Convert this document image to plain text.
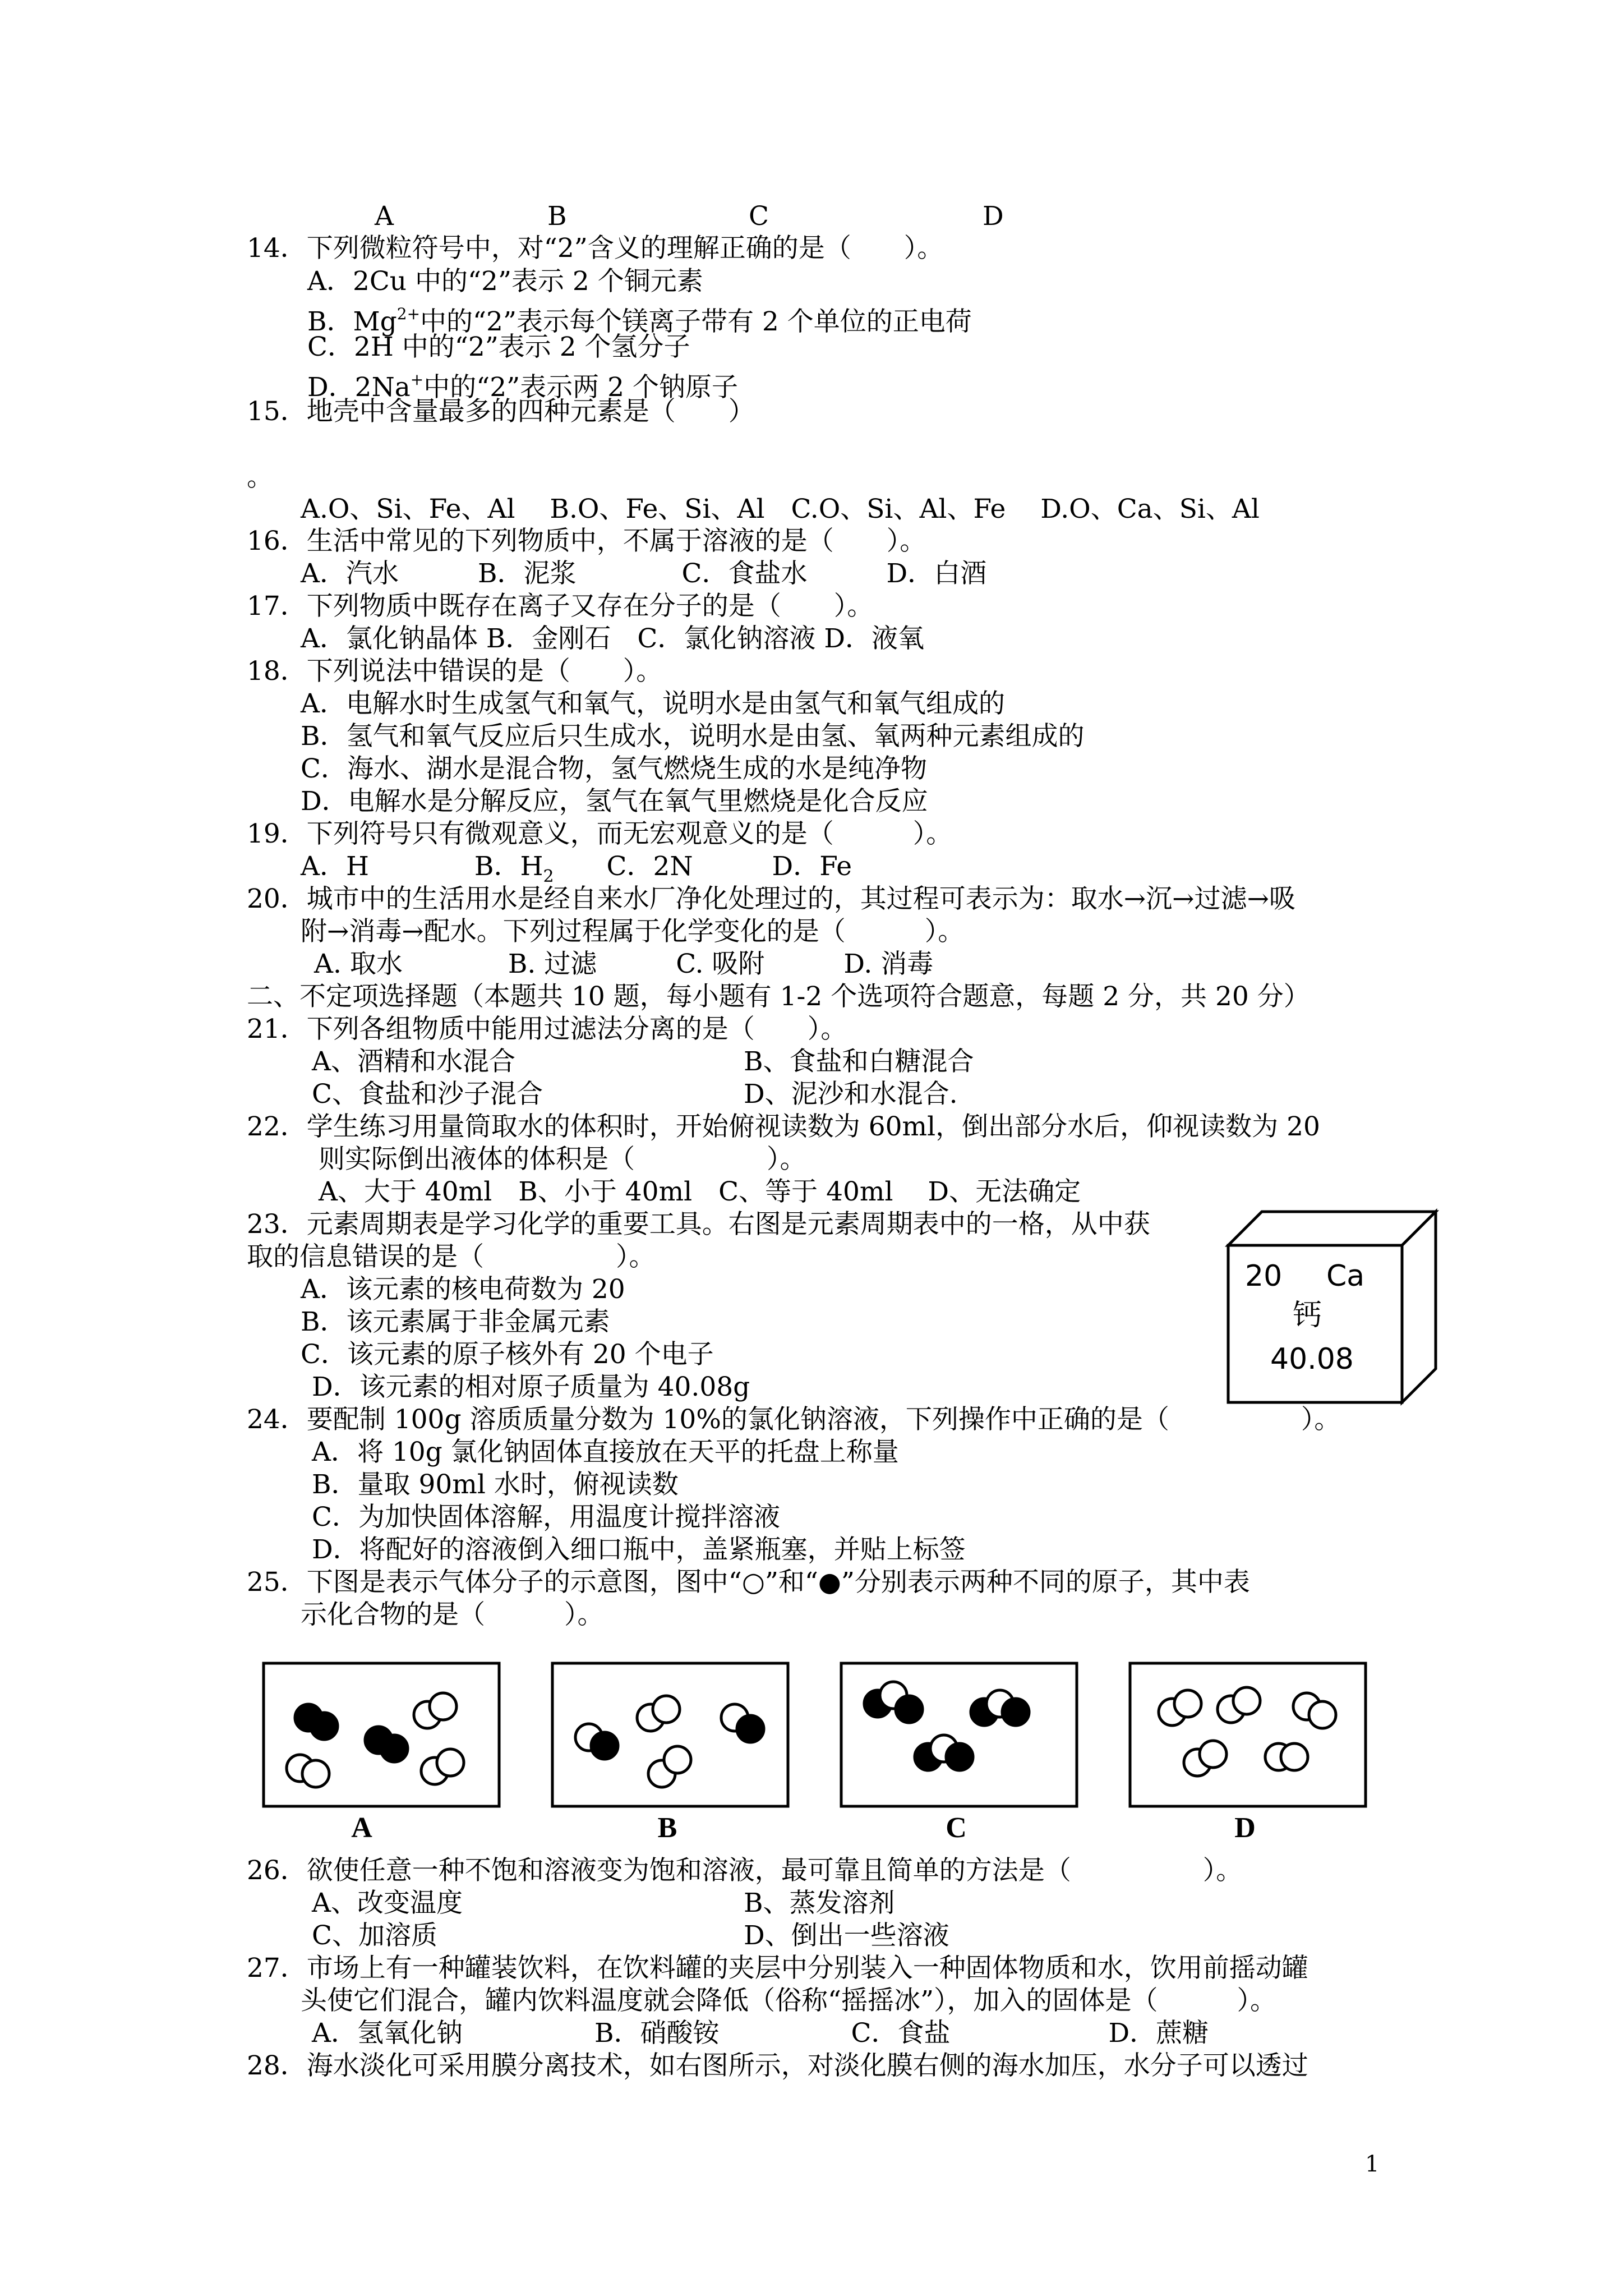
A	B	C	D
14．下列微粒符号中，对“2”含义的理解正确的是（　　）。
A．2Cu 中的“2”表示 2 个铜元素
B．$Mg^{2+}$中的“2”表示每个镁离子带有 2 个单位的正电荷
C．2H 中的“2”表示 2 个氢分子
D．2Na+中的“2”表示两 2 个钠原子
15．地壳中含量最多的四种元素是（　　）
。
A.O、Si、Fe、Al　 B.O、Fe、Si、Al　C.O、Si、Al、Fe　 D.O、Ca、Si、Al
16．生活中常见的下列物质中，不属于溶液的是（　　）。
A．汽水　　　B．泥浆　　　　C．食盐水　　　D．白酒
17．下列物质中既存在离子又存在分子的是（　　）。
A．氯化钠晶体 B．金刚石　C．氯化钠溶液 D．液氧
18．下列说法中错误的是（　　）。
A．电解水时生成氢气和氧气，说明水是由氢气和氧气组成的
B．氢气和氧气反应后只生成水，说明水是由氢、氧两种元素组成的
C．海水、湖水是混合物，氢气燃烧生成的水是纯净物
D．电解水是分解反应，氢气在氧气里燃烧是化合反应
19．下列符号只有微观意义，而无宏观意义的是（　　　）。
A．H　　　　B．$H_2$　　C．2N　　　D．Fe
20．城市中的生活用水是经自来水厂净化处理过的，其过程可表示为：取水→沉→过滤→吸
附→消毒→配水。下列过程属于化学变化的是（　　　）。
A. 取水　　　　B. 过滤　　　C. 吸附　　　D. 消毒
二、不定项选择题（本题共 10 题，每小题有 1-2 个选项符合题意，每题 2 分，共 20 分）
21．下列各组物质中能用过滤法分离的是（　　）。
A、酒精和水混合	B、食盐和白糖混合
C、食盐和沙子混合	D、泥沙和水混合.
22．学生练习用量筒取水的体积时，开始俯视读数为 60ml，倒出部分水后，仰视读数为 20
则实际倒出液体的体积是（　　　　　）。
A、大于 40ml　B、小于 40ml　C、等于 40ml　 D、无法确定
23．元素周期表是学习化学的重要工具。右图是元素周期表中的一格，从中获
取的信息错误的是（　　　　　）。
A．该元素的核电荷数为 20
B．该元素属于非金属元素
C．该元素的原子核外有 20 个电子
D．该元素的相对原子质量为 40.08g
20 Ca
钙
40.08
24．要配制 100g 溶质质量分数为 10%的氯化钠溶液，下列操作中正确的是（　　　　　）。
A．将 10g 氯化钠固体直接放在天平的托盘上称量
B．量取 90ml 水时，俯视读数
C．为加快固体溶解，用温度计搅拌溶液
D．将配好的溶液倒入细口瓶中，盖紧瓶塞，并贴上标签
25．下图是表示气体分子的示意图，图中“○”和“●”分别表示两种不同的原子，其中表
示化合物的是（　　　）。
A	B	C	D
26．欲使任意一种不饱和溶液变为饱和溶液，最可靠且简单的方法是（　　　　　）。
A、改变温度	B、蒸发溶剂
C、加溶质	D、倒出一些溶液
27．市场上有一种罐装饮料，在饮料罐的夹层中分别装入一种固体物质和水，饮用前摇动罐
头使它们混合，罐内饮料温度就会降低（俗称“摇摇冰”），加入的固体是（　　　）。
A．氢氧化钠　　　　　B．硝酸铵　　　　　C．食盐　　　　　　D．蔗糖
28．海水淡化可采用膜分离技术，如右图所示，对淡化膜右侧的海水加压，水分子可以透过
1
